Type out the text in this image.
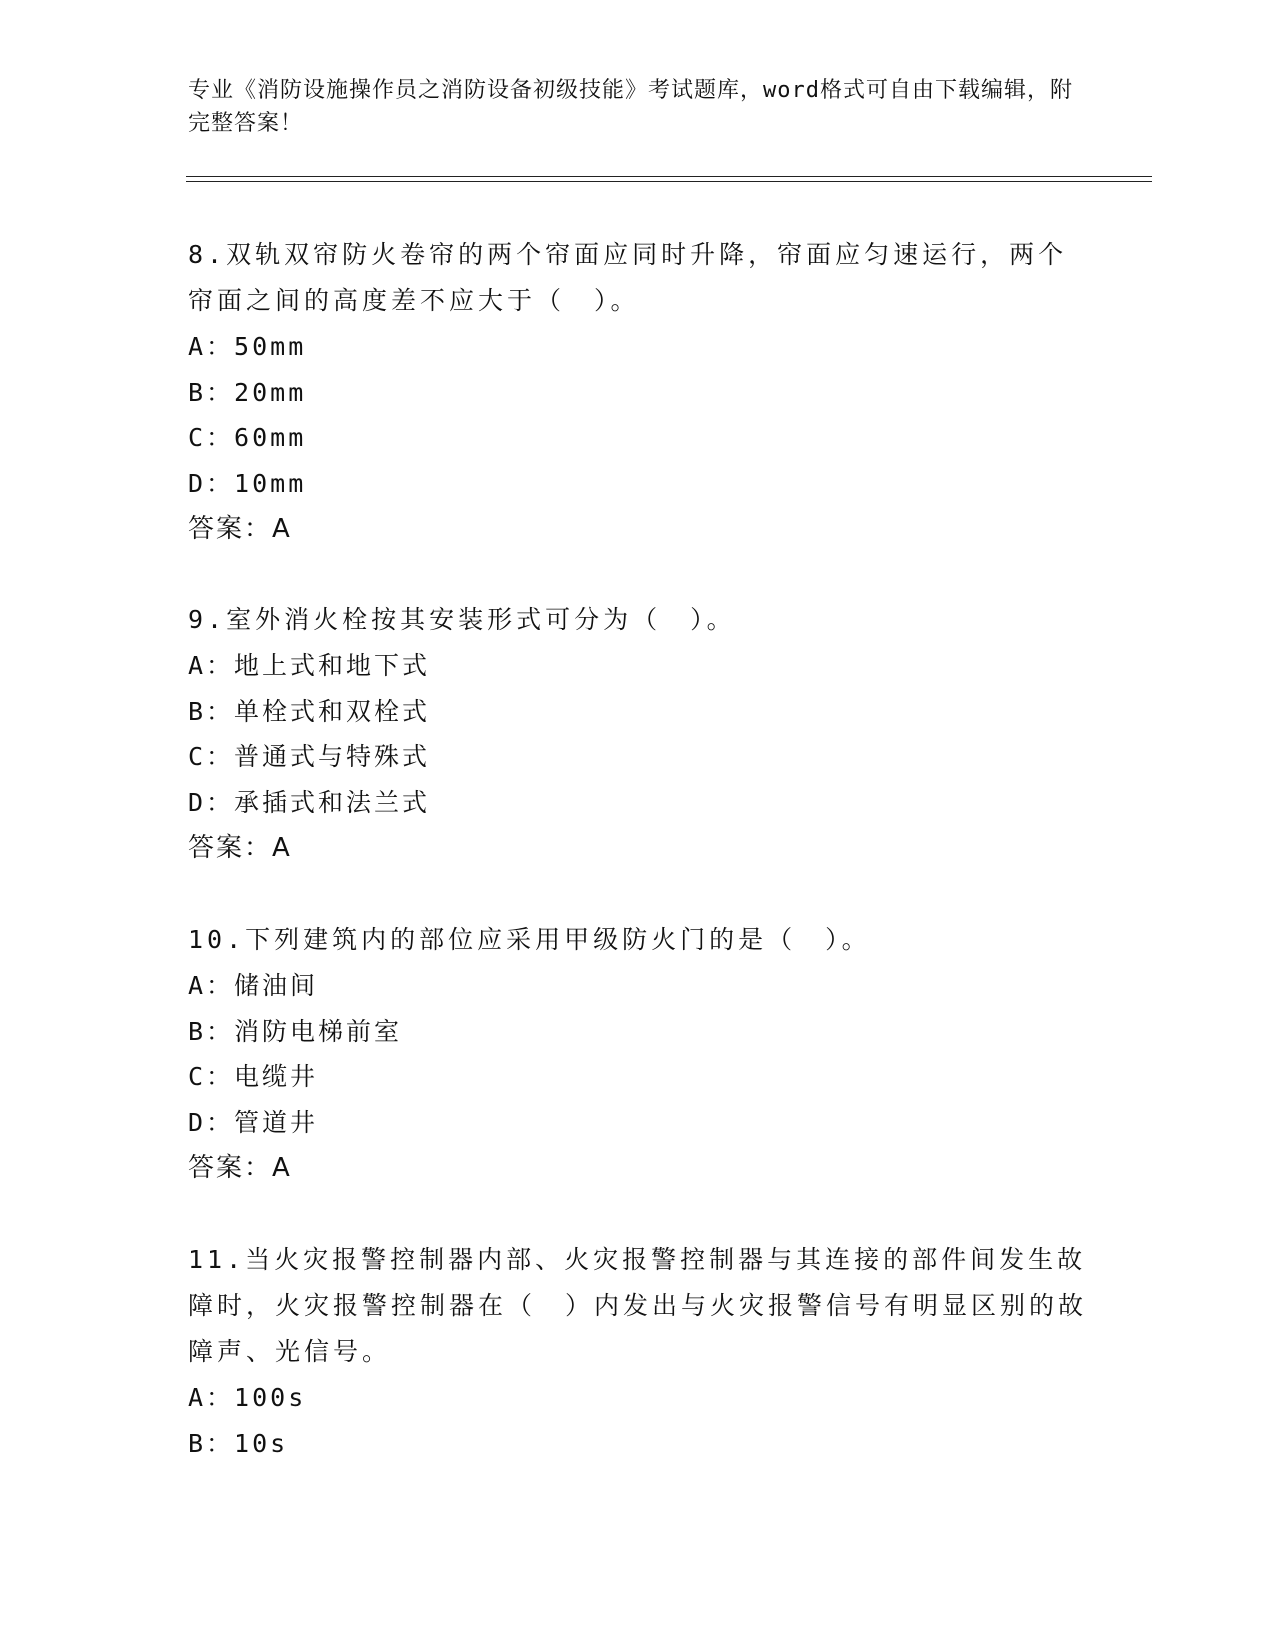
专业《消防设施操作员之消防设备初级技能》考试题库，word格式可自由下载编辑，附完整答案！
8.双轨双帘防火卷帘的两个帘面应同时升降，帘面应匀速运行，两个帘面之间的高度差不应大于（　）。
A：50mm
B：20mm
C：60mm
D：10mm
答案：A
9.室外消火栓按其安装形式可分为（　）。
A：地上式和地下式
B：单栓式和双栓式
C：普通式与特殊式
D：承插式和法兰式
答案：A
10.下列建筑内的部位应采用甲级防火门的是（　）。
A：储油间
B：消防电梯前室
C：电缆井
D：管道井
答案：A
11.当火灾报警控制器内部、火灾报警控制器与其连接的部件间发生故障时，火灾报警控制器在（　）内发出与火灾报警信号有明显区别的故障声、光信号。
A：100s
B：10s
